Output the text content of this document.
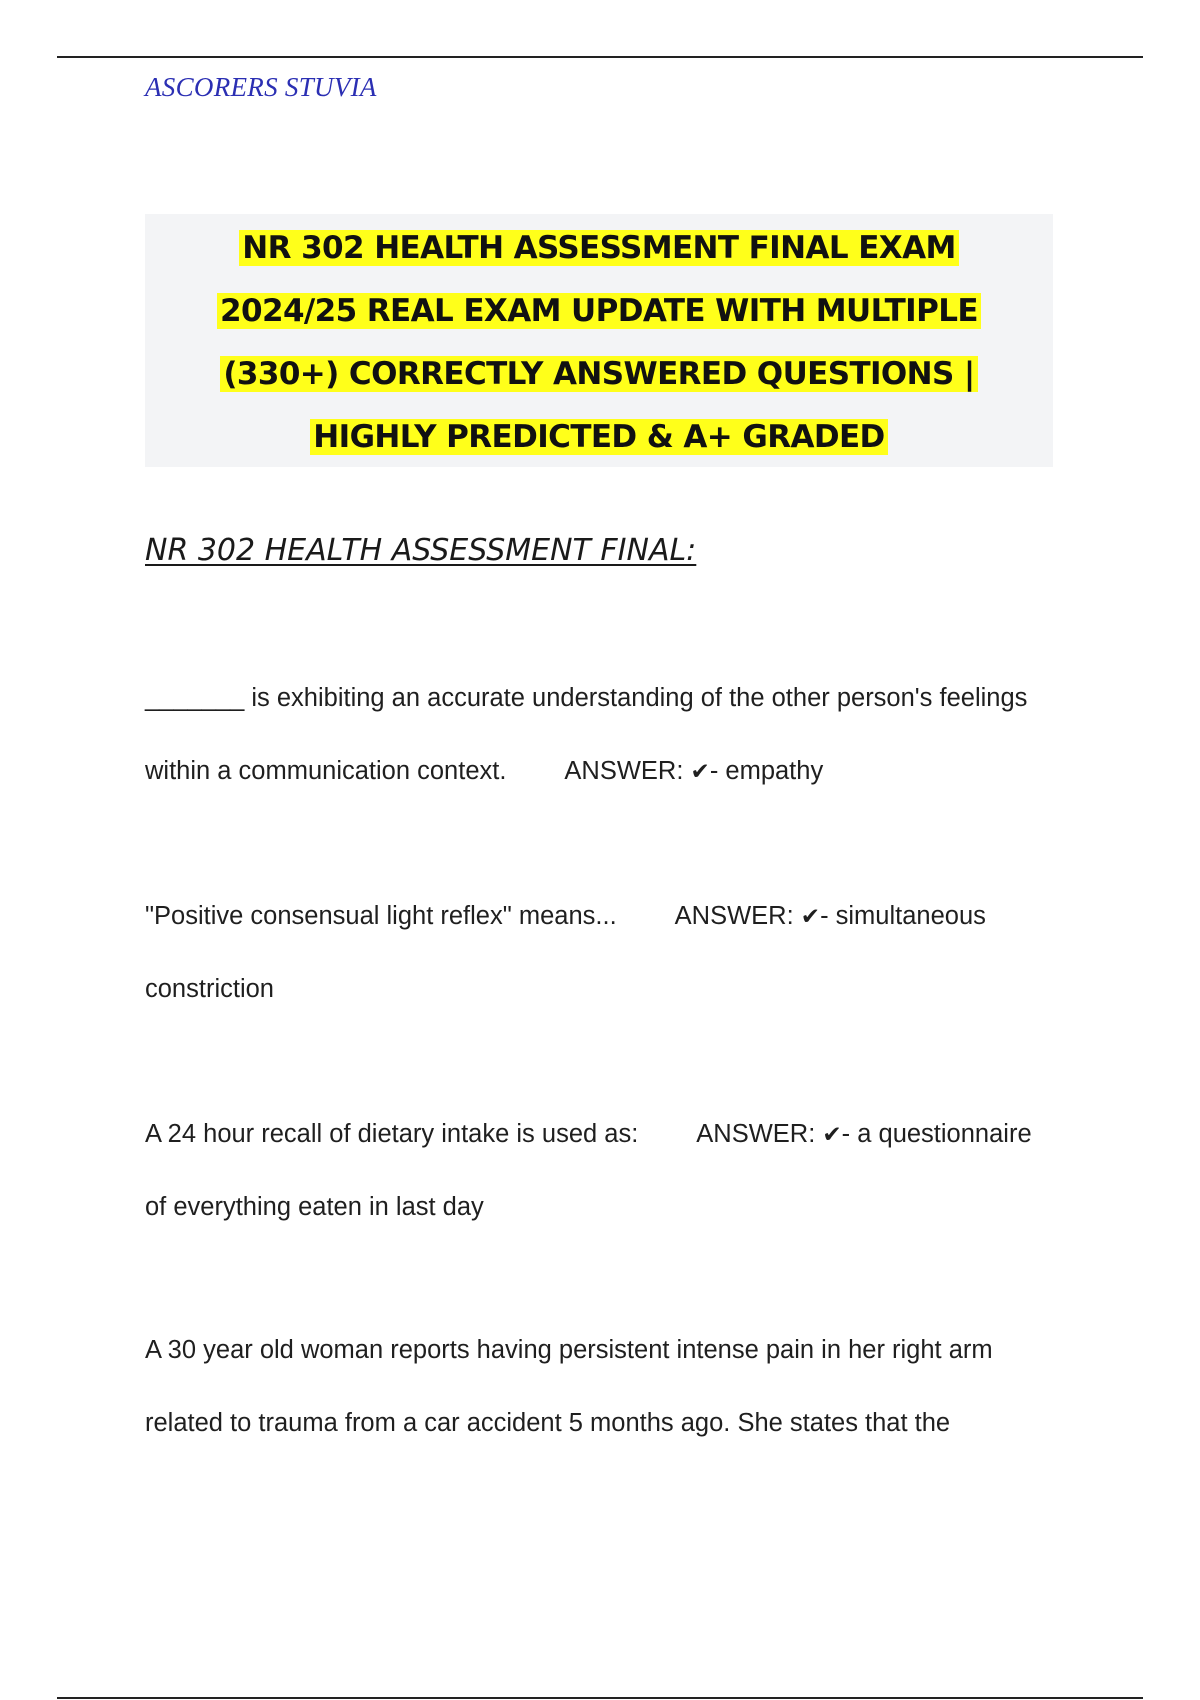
ASCORERS STUVIA
NR 302 HEALTH ASSESSMENT FINAL EXAM
2024/25 REAL EXAM UPDATE WITH MULTIPLE
(330+) CORRECTLY ANSWERED QUESTIONS |
HIGHLY PREDICTED & A+ GRADED
NR 302 HEALTH ASSESSMENT FINAL:
_______ is exhibiting an accurate understanding of the other person's feelings
within a communication context. ANSWER: ✔- empathy
"Positive consensual light reflex" means... ANSWER: ✔- simultaneous
constriction
A 24 hour recall of dietary intake is used as: ANSWER: ✔- a questionnaire
of everything eaten in last day
A 30 year old woman reports having persistent intense pain in her right arm
related to trauma from a car accident 5 months ago. She states that the
